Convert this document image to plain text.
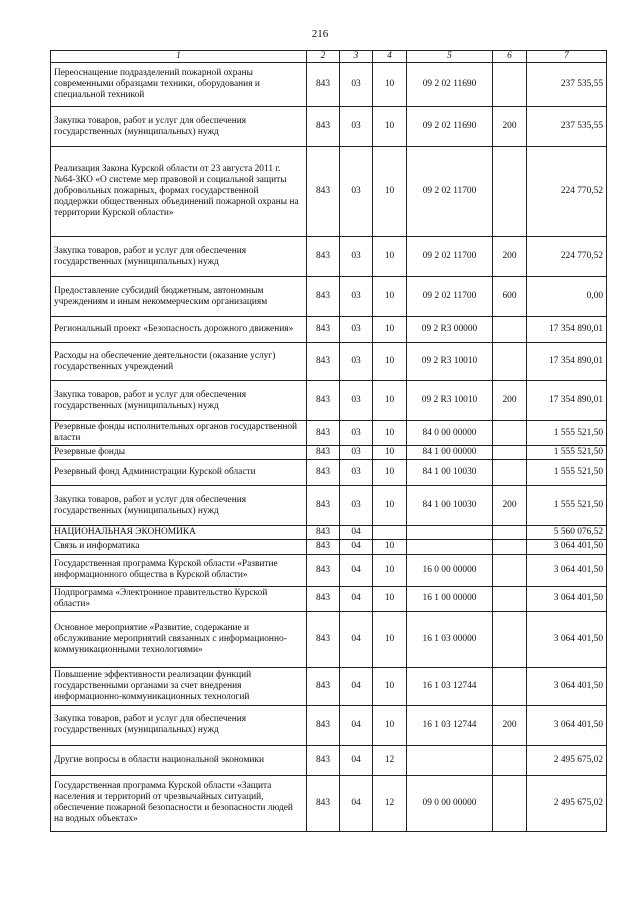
216
1	2	3	4	5	6	7
Переоснащение подразделений пожарной охраны современными образцами техники, оборудования и специальной техникой	843	03	10	09 2 02 11690		237 535,55
Закупка товаров, работ и услуг для обеспечения государственных (муниципальных) нужд	843	03	10	09 2 02 11690	200	237 535,55
Реализация Закона Курской области от 23 августа 2011 г. №64-ЗКО «О системе мер правовой и социальной защиты добровольных пожарных, формах государственной поддержки общественных объединений пожарной охраны на территории Курской области»	843	03	10	09 2 02 11700		224 770,52
Закупка товаров, работ и услуг для обеспечения государственных (муниципальных) нужд	843	03	10	09 2 02 11700	200	224 770,52
Предоставление субсидий бюджетным, автономным учреждениям и иным некоммерческим организациям	843	03	10	09 2 02 11700	600	0,00
Региональный проект «Безопасность дорожного движения»	843	03	10	09 2 R3 00000		17 354 890,01
Расходы на обеспечение деятельности (оказание услуг) государственных учреждений	843	03	10	09 2 R3 10010		17 354 890,01
Закупка товаров, работ и услуг для обеспечения государственных (муниципальных) нужд	843	03	10	09 2 R3 10010	200	17 354 890,01
Резервные фонды исполнительных органов государственной власти	843	03	10	84 0 00 00000		1 555 521,50
Резервные фонды	843	03	10	84 1 00 00000		1 555 521,50
Резервный фонд Администрации Курской области	843	03	10	84 1 00 10030		1 555 521,50
Закупка товаров, работ и услуг для обеспечения государственных (муниципальных) нужд	843	03	10	84 1 00 10030	200	1 555 521,50
НАЦИОНАЛЬНАЯ ЭКОНОМИКА	843	04				5 560 076,52
Связь и информатика	843	04	10			3 064 401,50
Государственная программа Курской области «Развитие информационного общества в Курской области»	843	04	10	16 0 00 00000		3 064 401,50
Подпрограмма «Электронное правительство Курской области»	843	04	10	16 1 00 00000		3 064 401,50
Основное мероприятие «Развитие, содержание и обслуживание мероприятий связанных с информационно-коммуникационными технологиями»	843	04	10	16 1 03 00000		3 064 401,50
Повышение эффективности реализации функций государственными органами за счет внедрения информационно-коммуникационных технологий	843	04	10	16 1 03 12744		3 064 401,50
Закупка товаров, работ и услуг для обеспечения государственных (муниципальных) нужд	843	04	10	16 1 03 12744	200	3 064 401,50
Другие вопросы в области национальной экономики	843	04	12			2 495 675,02
Государственная программа Курской области «Защита населения и территорий от чрезвычайных ситуаций, обеспечение пожарной безопасности и безопасности людей на водных объектах»	843	04	12	09 0 00 00000		2 495 675,02
